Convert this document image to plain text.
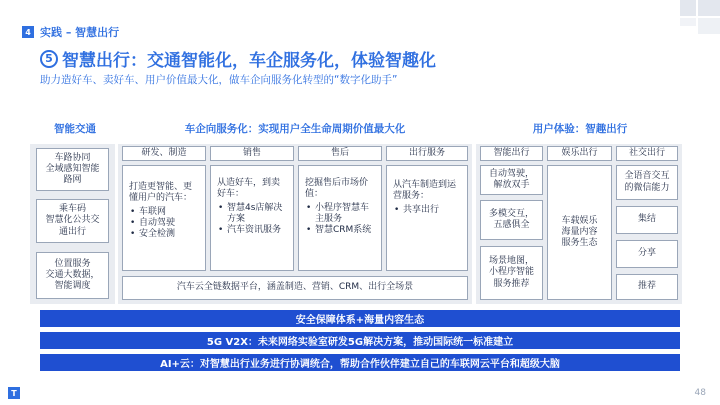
4 实践 – 智慧出行
5 智慧出行：交通智能化，车企服务化，体验智趣化
助力造好车、卖好车、用户价值最大化，做车企向服务化转型的“数字化助手”
智能交通	车企向服务化：实现用户全生命周期价值最大化	用户体验：智趣出行
车路协同
全域感知智能
路网
乘车码
智慧化公共交
通出行
位置服务
交通大数据，
智能调度
研发、制造	销售	售后	出行服务
打造更智能、更懂用户的汽车：
• 车联网
• 自动驾驶
• 安全检测
从造好车，到卖好车：
• 智慧4s店解决方案
• 汽车资讯服务
挖掘售后市场价值：
• 小程序智慧车主服务
• 智慧CRM系统
从汽车制造到运营服务：
• 共享出行
汽车云全链数据平台，涵盖制造、营销、CRM、出行全场景
智能出行	娱乐出行	社交出行
自动驾驶，
解放双手
多模交互，
五感俱全
场景地图，
小程序智能
服务推荐
车载娱乐
海量内容
服务生态
全语音交互
的微信能力
集结
分享
推荐
安全保障体系+海量内容生态
5G V2X：未来网络实验室研发5G解决方案，推动国际统一标准建立
AI+云：对智慧出行业务进行协调统合，帮助合作伙伴建立自己的车联网云平台和超级大脑
T	48
